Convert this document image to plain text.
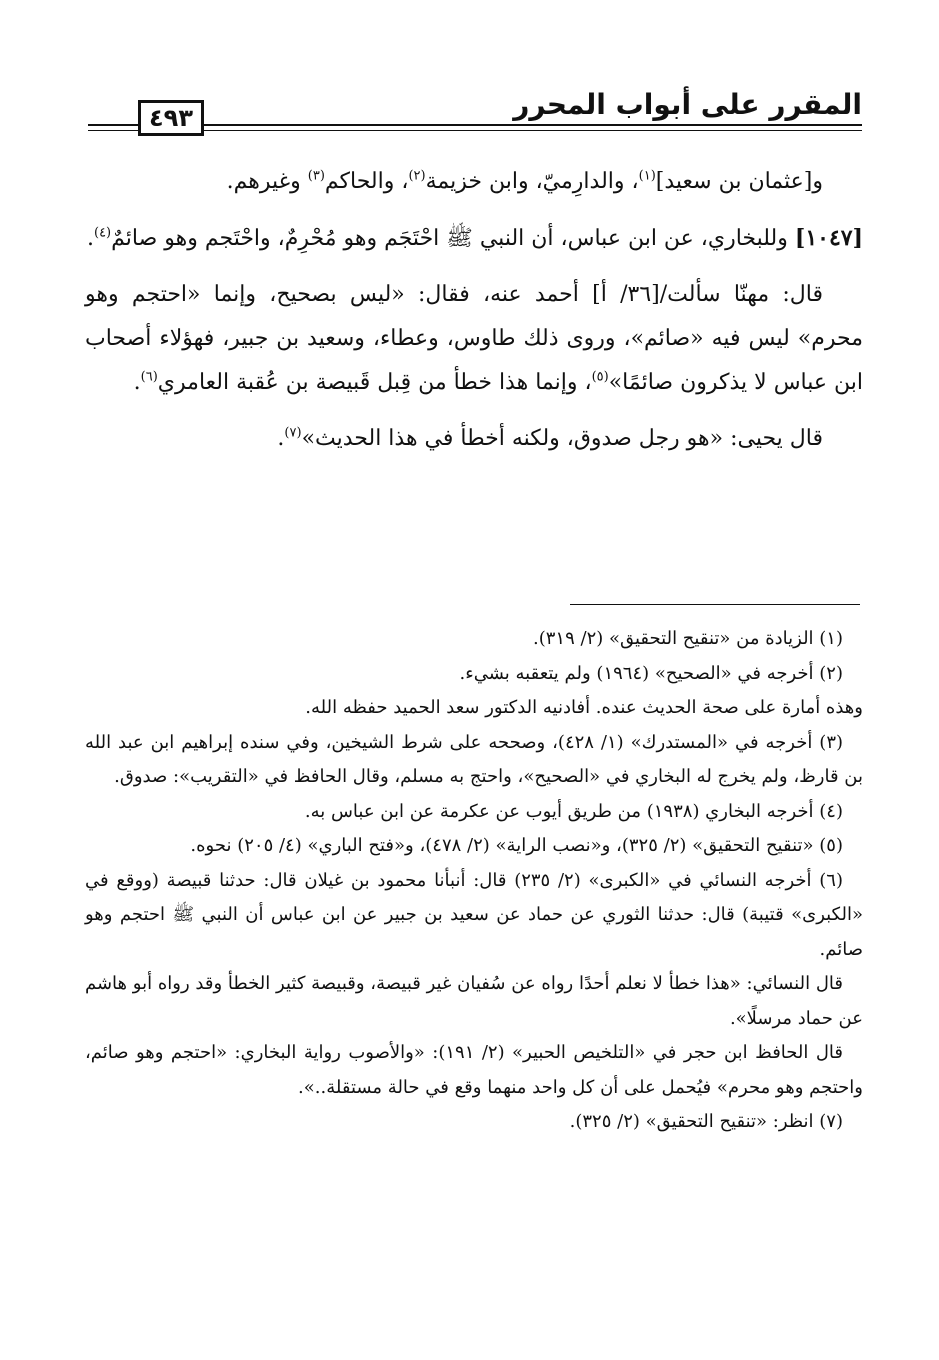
٤٩٣	المقرر على أبواب المحرر

و[عثمان بن سعيد]$^{(١)}$، والدارِميّ، وابن خزيمة$^{(٢)}$، والحاكم$^{(٣)}$ وغيرهم.

[١٠٤٧] وللبخاري، عن ابن عباس، أن النبي ﷺ احْتَجَم وهو مُحْرِمٌ، واحْتَجم وهو صائمٌ$^{(٤)}$.

قال: مهنّا سألت/[٣٦/ أ] أحمد عنه، فقال: «ليس بصحيح، وإنما «احتجم وهو محرم» ليس فيه «صائم»، وروى ذلك طاوس، وعطاء، وسعيد بن جبير، فهؤلاء أصحاب ابن عباس لا يذكرون صائمًا»$^{(٥)}$، وإنما هذا خطأ من قِبل قَبيصة بن عُقبة العامري$^{(٦)}$.

قال يحيى: «هو رجل صدوق، ولكنه أخطأ في هذا الحديث»$^{(٧)}$.

(١) الزيادة من «تنقيح التحقيق» (٢/ ٣١٩).

(٢) أخرجه في «الصحيح» (١٩٦٤) ولم يتعقبه بشيء.

وهذه أمارة على صحة الحديث عنده. أفادنيه الدكتور سعد الحميد حفظه الله.

(٣) أخرجه في «المستدرك» (١/ ٤٢٨)، وصححه على شرط الشيخين، وفي سنده إبراهيم ابن عبد الله بن قارظ، ولم يخرج له البخاري في «الصحيح»، واحتج به مسلم، وقال الحافظ في «التقريب»: صدوق.

(٤) أخرجه البخاري (١٩٣٨) من طريق أيوب عن عكرمة عن ابن عباس به.

(٥) «تنقيح التحقيق» (٢/ ٣٢٥)، و«نصب الراية» (٢/ ٤٧٨)، و«فتح الباري» (٤/ ٢٠٥) نحوه.

(٦) أخرجه النسائي في «الكبرى» (٢/ ٢٣٥) قال: أنبأنا محمود بن غيلان قال: حدثنا قبيصة (ووقع في «الكبرى» قتيبة) قال: حدثنا الثوري عن حماد عن سعيد بن جبير عن ابن عباس أن النبي ﷺ احتجم وهو صائم.

قال النسائي: «هذا خطأ لا نعلم أحدًا رواه عن سُفيان غير قبيصة، وقبيصة كثير الخطأ وقد رواه أبو هاشم عن حماد مرسلًا».

قال الحافظ ابن حجر في «التلخيص الحبير» (٢/ ١٩١): «والأصوب رواية البخاري: «احتجم وهو صائم، واحتجم وهو محرم» فيُحمل على أن كل واحد منهما وقع في حالة مستقلة..».

(٧) انظر: «تنقيح التحقيق» (٢/ ٣٢٥).
